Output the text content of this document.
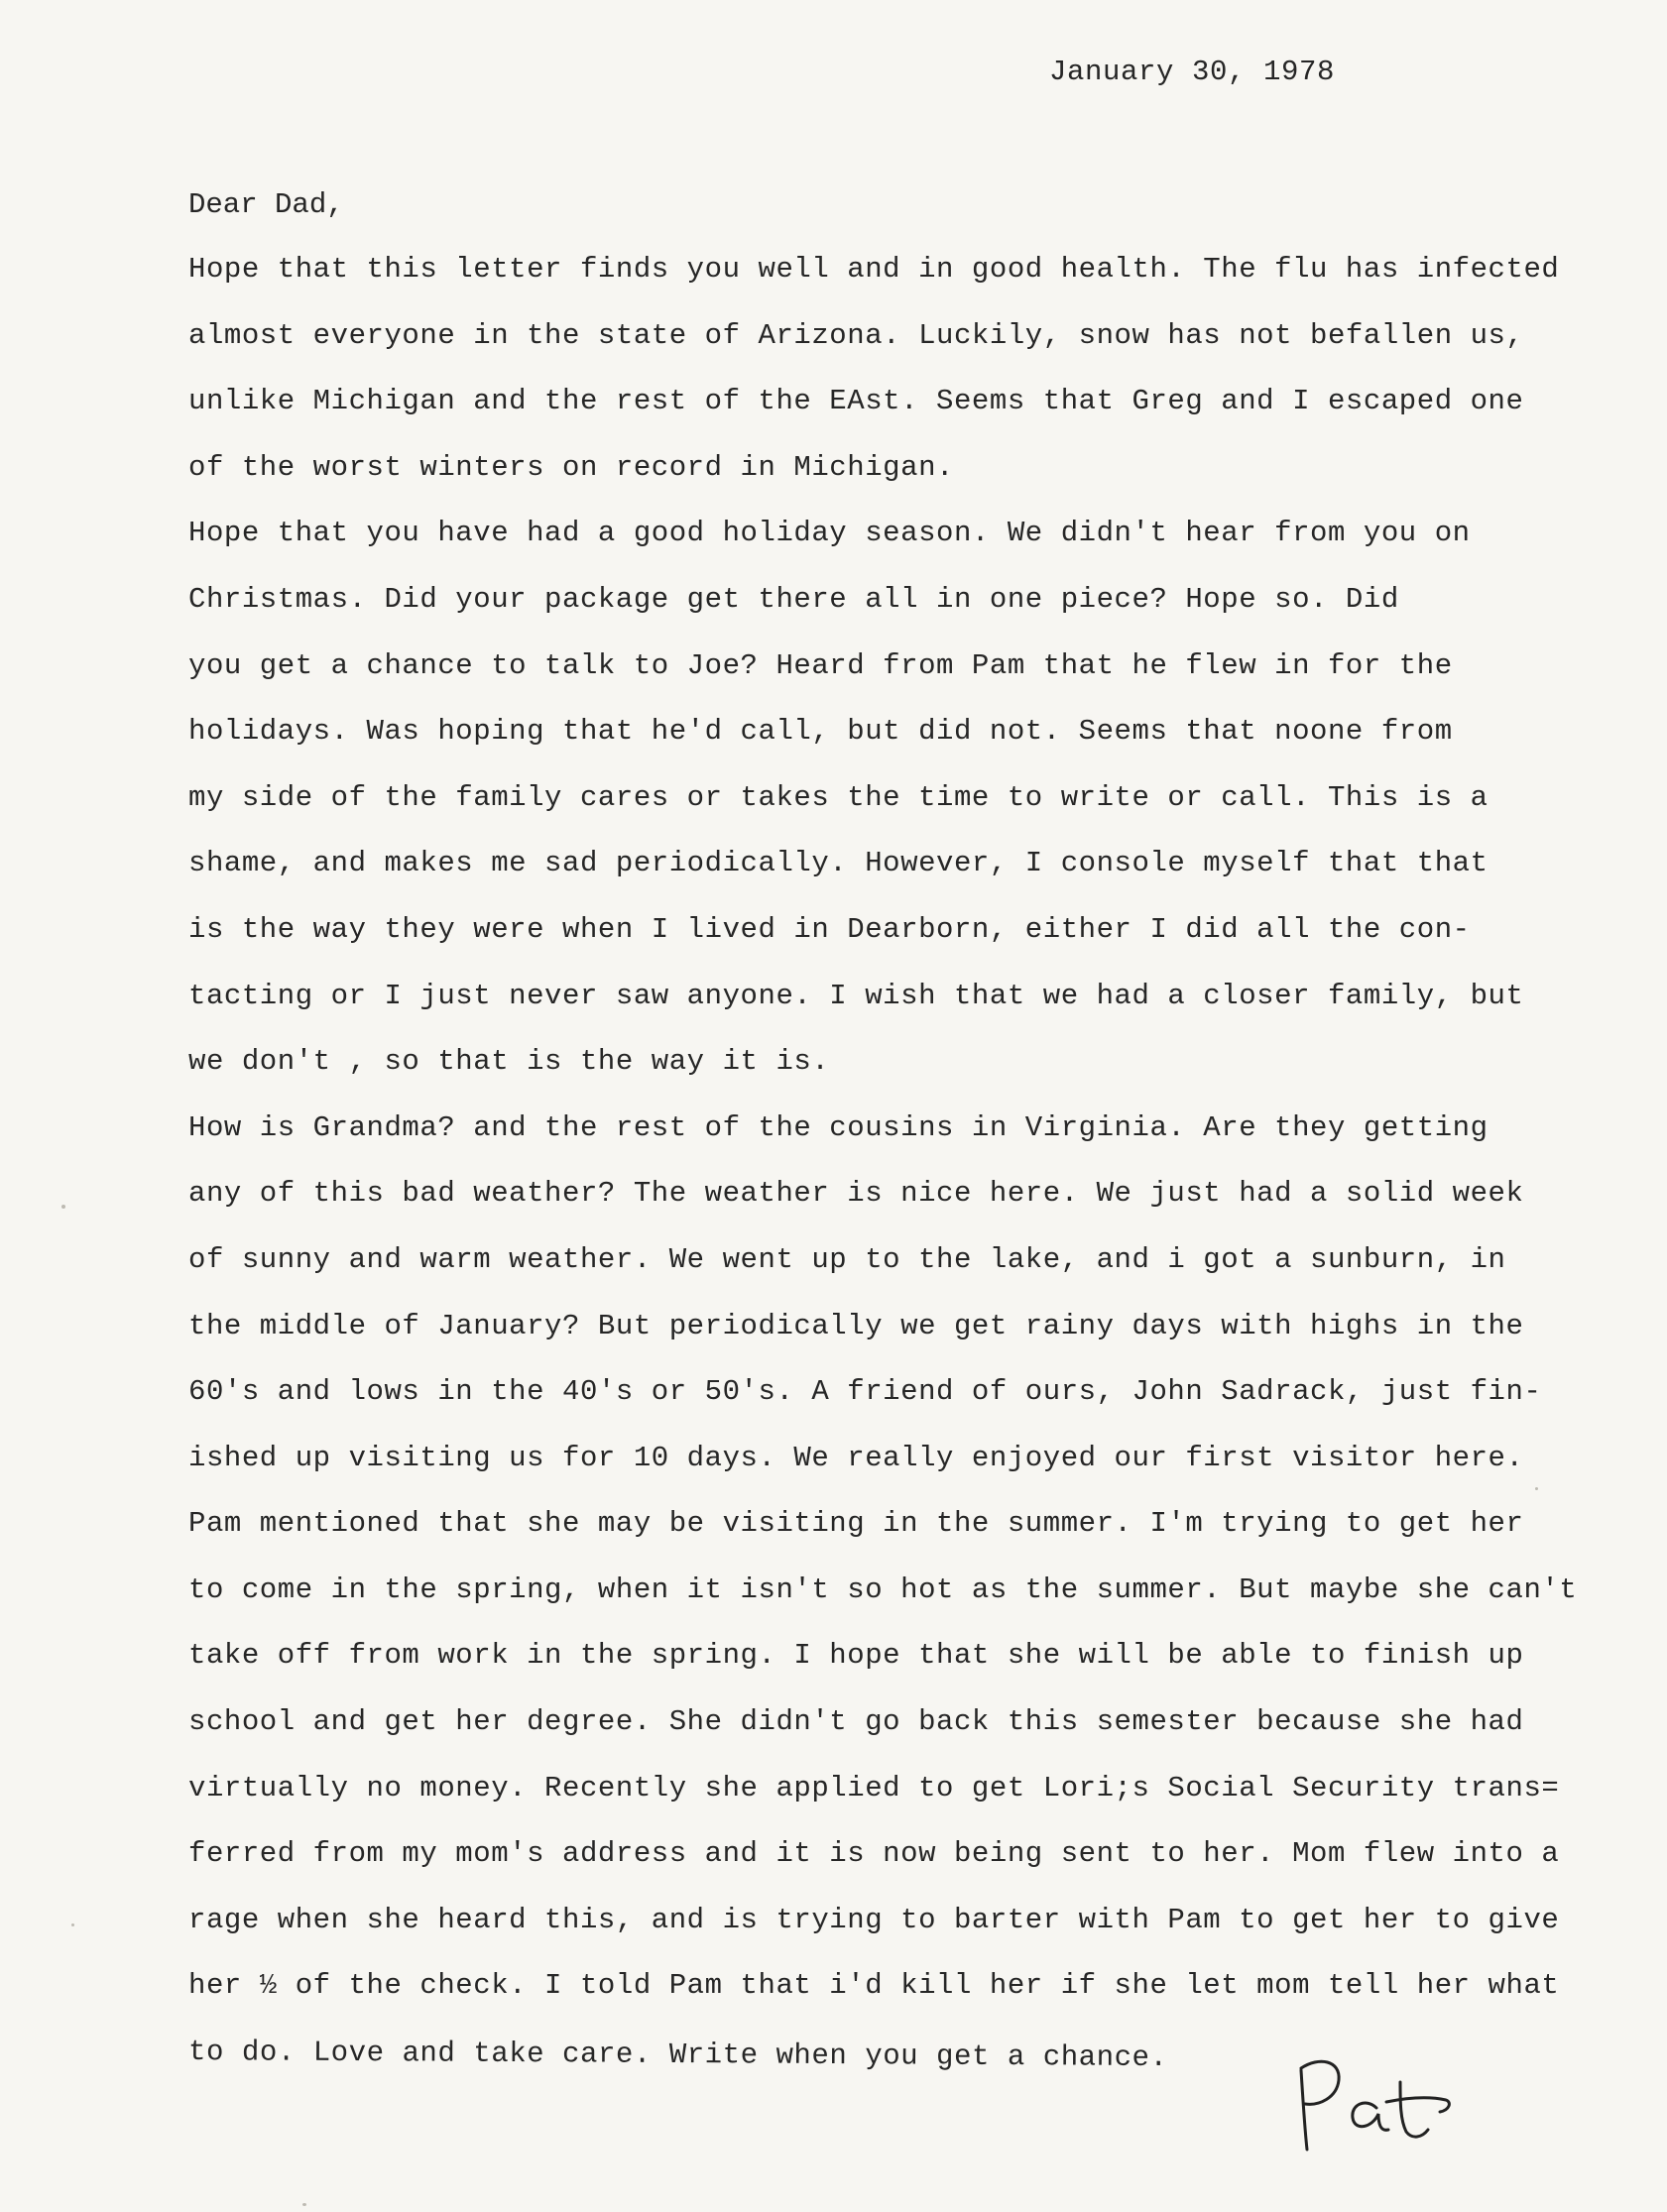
January 30, 1978
Dear Dad,
Hope that this letter finds you well and in good health. The flu has infected
almost everyone in the state of Arizona. Luckily, snow has not befallen us,
unlike Michigan and the rest of the EAst. Seems that Greg and I escaped one
of the worst winters on record in Michigan.
Hope that you have had a good holiday season. We didn't hear from you on
Christmas. Did your package get there all in one piece? Hope so. Did
you get a chance to talk to Joe? Heard from Pam that he flew in for the
holidays. Was hoping that he'd call, but did not. Seems that noone from
my side of the family cares or takes the time to write or call. This is a
shame, and makes me sad periodically. However, I console myself that that
is the way they were when I lived in Dearborn, either I did all the con-
tacting or I just never saw anyone. I wish that we had a closer family, but
we don't , so that is the way it is.
How is Grandma? and the rest of the cousins in Virginia. Are they getting
any of this bad weather? The weather is nice here. We just had a solid week
of sunny and warm weather. We went up to the lake, and i got a sunburn, in
the middle of January? But periodically we get rainy days with highs in the
60's and lows in the 40's or 50's. A friend of ours, John Sadrack, just fin-
ished up visiting us for 10 days. We really enjoyed our first visitor here.
Pam mentioned that she may be visiting in the summer. I'm trying to get her
to come in the spring, when it isn't so hot as the summer. But maybe she can't
take off from work in the spring. I hope that she will be able to finish up
school and get her degree. She didn't go back this semester because she had
virtually no money. Recently she applied to get Lori;s Social Security trans=
ferred from my mom's address and it is now being sent to her. Mom flew into a
rage when she heard this, and is trying to barter with Pam to get her to give
her ½ of the check. I told Pam that i'd kill her if she let mom tell her what
to do. Love and take care. Write when you get a chance.
